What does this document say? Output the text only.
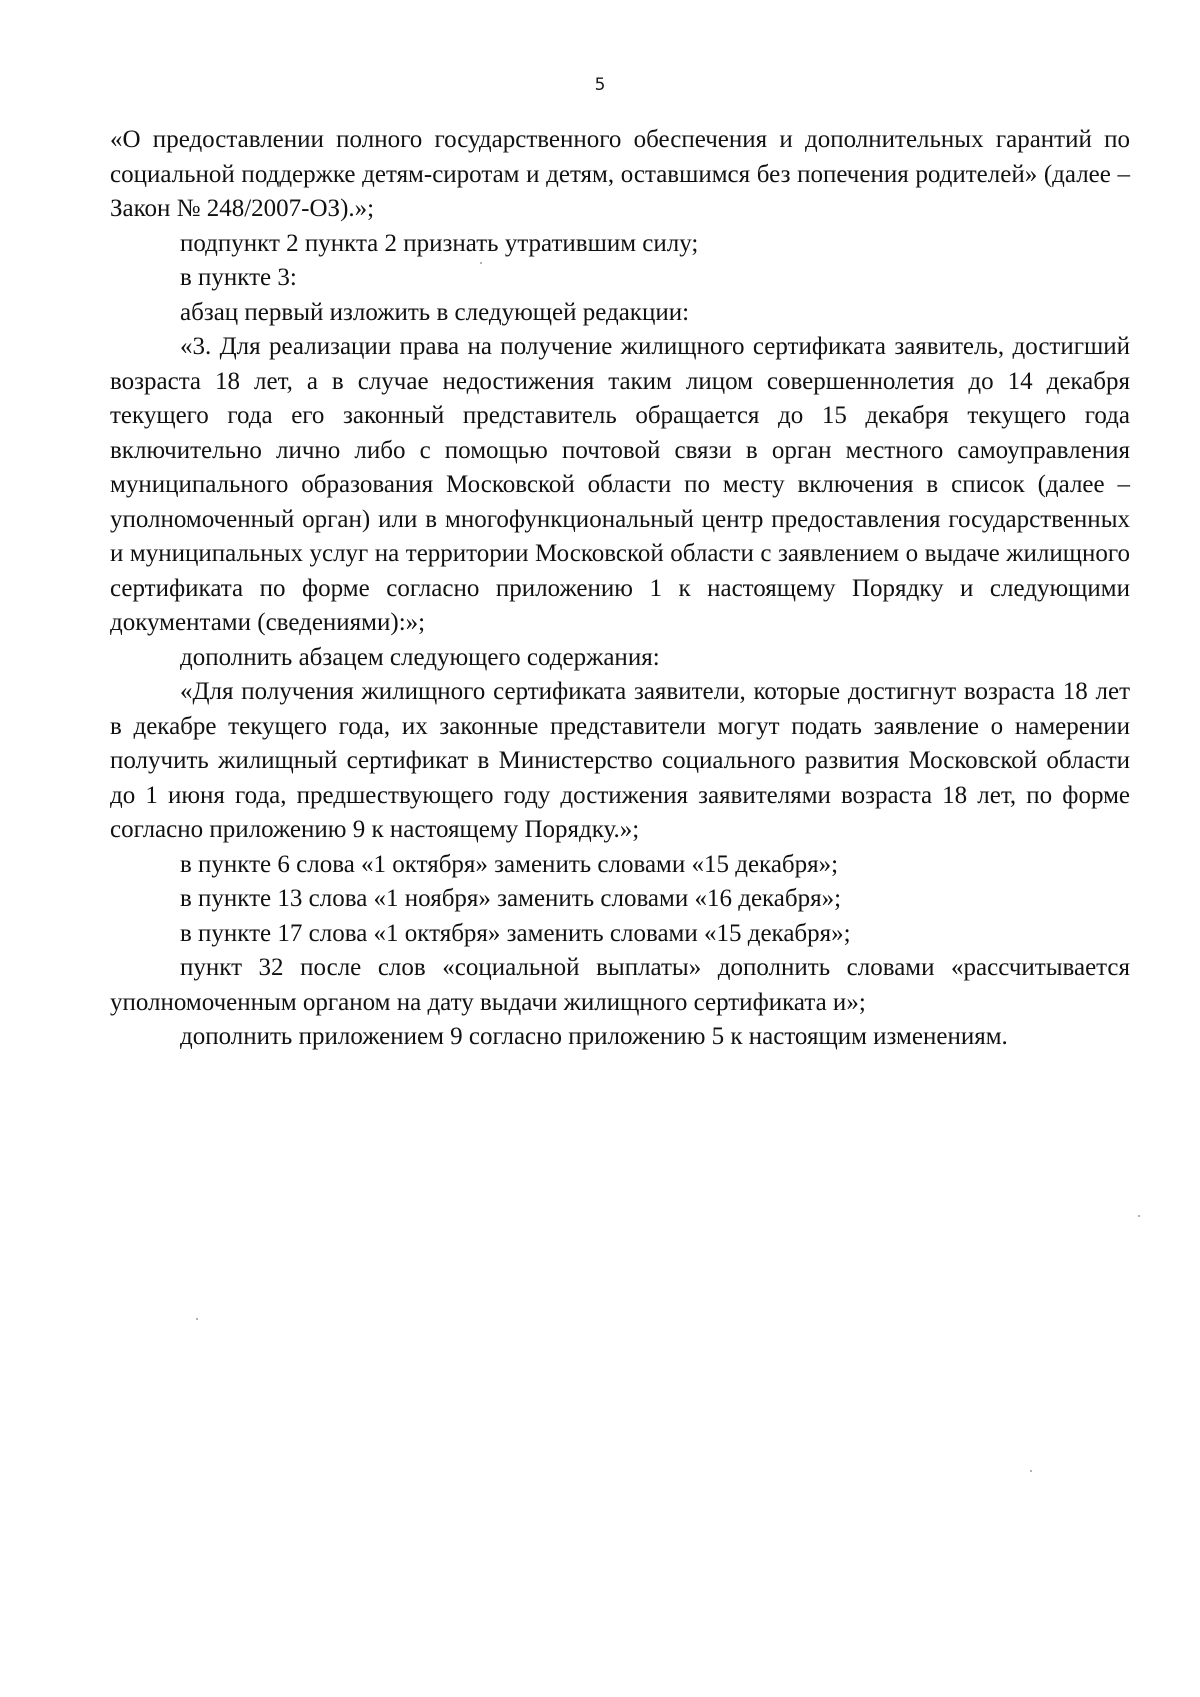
5

«О предоставлении полного государственного обеспечения и дополнительных гарантий по социальной поддержке детям-сиротам и детям, оставшимся без попечения родителей» (далее – Закон № 248/2007-ОЗ).»;

подпункт 2 пункта 2 признать утратившим силу;

в пункте 3:

абзац первый изложить в следующей редакции:

«3. Для реализации права на получение жилищного сертификата заявитель, достигший возраста 18 лет, а в случае недостижения таким лицом совершеннолетия до 14 декабря текущего года его законный представитель обращается до 15 декабря текущего года включительно лично либо с помощью почтовой связи в орган местного самоуправления муниципального образования Московской области по месту включения в список (далее – уполномоченный орган) или в многофункциональный центр предоставления государственных и муниципальных услуг на территории Московской области с заявлением о выдаче жилищного сертификата по форме согласно приложению 1 к настоящему Порядку и следующими документами (сведениями):»;

дополнить абзацем следующего содержания:

«Для получения жилищного сертификата заявители, которые достигнут возраста 18 лет в декабре текущего года, их законные представители могут подать заявление о намерении получить жилищный сертификат в Министерство социального развития Московской области до 1 июня года, предшествующего году достижения заявителями возраста 18 лет, по форме согласно приложению 9 к настоящему Порядку.»;

в пункте 6 слова «1 октября» заменить словами «15 декабря»;

в пункте 13 слова «1 ноября» заменить словами «16 декабря»;

в пункте 17 слова «1 октября» заменить словами «15 декабря»;

пункт 32 после слов «социальной выплаты» дополнить словами «рассчитывается уполномоченным органом на дату выдачи жилищного сертификата и»;

дополнить приложением 9 согласно приложению 5 к настоящим изменениям.
